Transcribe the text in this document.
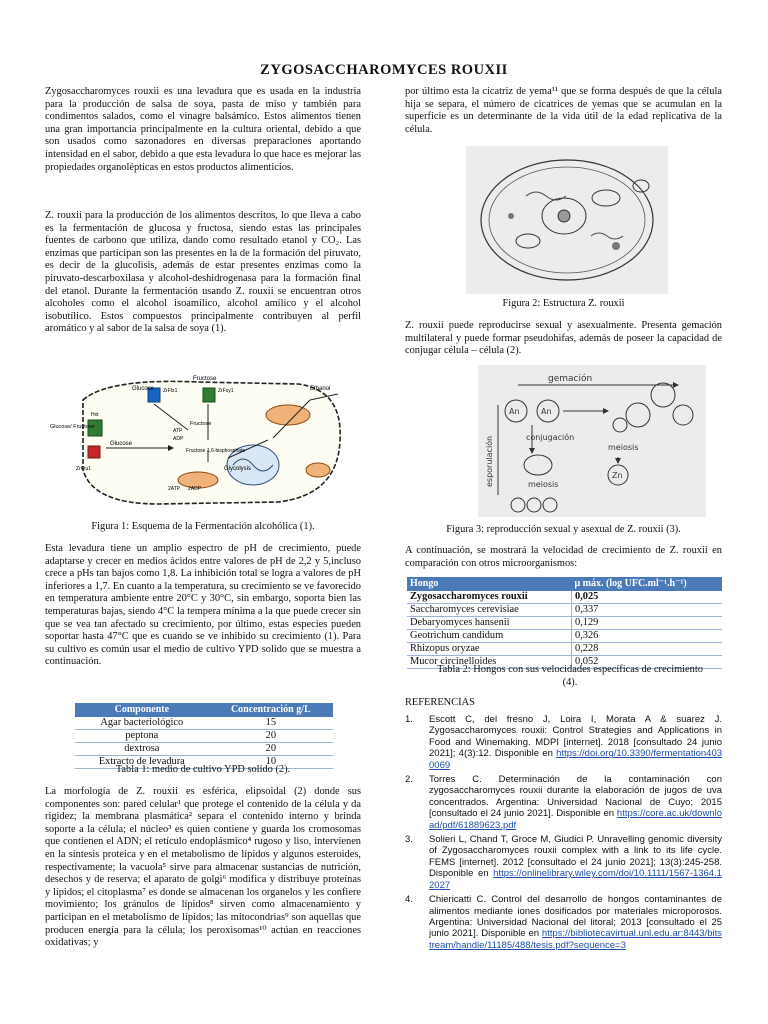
ZYGOSACCHAROMYCES ROUXII

Zygosaccharomyces rouxii es una levadura que es usada en la industria para la producción de salsa de soya, pasta de miso y también para condimentos salados, como el vinagre balsámico. Estos alimentos tienen una gran importancia principalmente en la cultura oriental, debido a que son usados como sazonadores en diversas preparaciones aportando intensidad en el sabor, debido a que esta levadura lo que hace es mejorar las propiedades organolépticas en estos productos alimenticios.

Z. rouxii para la producción de los alimentos descritos, lo que lleva a cabo es la fermentación de glucosa y fructosa, siendo estas las principales fuentes de carbono que utiliza, dando como resultado etanol y CO₂. Las enzimas que participan son las presentes en la de la formación del piruvato, es decir de la glucolisis, además de estar presentes enzimas como la piruvato-descarboxilasa y alcohol-deshidrogenasa para la formación final del etanol. Durante la fermentación usando Z. rouxii se encuentran otros alcoholes como el alcohol isoamílico, alcohol amílico y el alcohol isobutílico. Estos compuestos principalmente contribuyen al perfil aromático y al sabor de la salsa de soya (1).

Fructose
Glucose
Glucose/ Fructose
Glucose
Fructose
Fructose 1,6-bisphosphate
Glycolysis
Ethanol
ZrFsy1
ZrFfz1
Hxt
ZrFru1
ATP
ADP
2ATP 2ADP
Figura 1: Esquema de la Fermentación alcohólica (1).

Esta levadura tiene un amplio espectro de pH de crecimiento, puede adaptarse y crecer en medios ácidos entre valores de pH de 2,2 y 5,incluso crece a pHs tan bajos como 1,8. La inhibición total se logra a valores de pH inferiores a 1,7. En cuanto a la temperatura, su crecimiento se ve favorecido en temperatura ambiente entre 20°C y 30°C, sin embargo, soporta bien las temperaturas bajas, siendo 4°C la tempera mínima a la que puede crecer sin que se vea tan afectado su crecimiento, por último, estas especies pueden soportar hasta 47°C que es cuando se ve inhibido su crecimiento (1). Para su cultivo es común usar el medio de cultivo YPD solido que se muestra a continuación.

Componente	Concentración g/L
Agar bacteriológico	15
peptona	20
dextrosa	20
Extracto de levadura	10
Tabla 1: medio de cultivo YPD solido (2).

La morfología de Z. rouxii es esférica, elipsoidal (2) donde sus componentes son: pared celular¹ que protege el contenido de la célula y da rigidez; la membrana plasmática² separa el contenido interno y brinda soporte a la célula; el núcleo³ es quien contiene y guarda los cromosomas que contienen el ADN; el retículo endoplásmico⁴ rugoso y liso, intervienen en la síntesis proteica y en el metabolismo de lípidos y algunos esteroides, respectivamente; la vacuola⁵ sirve para almacenar sustancias de nutrición, desechos y de reserva; el aparato de golgi⁶ modifica y distribuye proteínas y lípidos; el citoplasma⁷ es donde se almacenan los organelos y les confiere movimiento; los gránulos de lípidos⁸ sirven como almacenamiento y participan en el metabolismo de lípidos; las mitocondrias⁹ son aquellas que producen energía para la célula; los peroxisomas¹⁰ actúan en reacciones oxidativas; y

por último esta la cicatriz de yema¹¹ que se forma después de que la célula hija se separa, el número de cicatrices de yemas que se acumulan en la superficie es un determinante de la vida útil de la edad replicativa de la célula.

Figura 2: Estructura Z. rouxii

Z. rouxii puede reproducirse sexual y asexualmente. Presenta gemación multilateral y puede formar pseudohifas, además de poseer la capacidad de conjugar célula – célula (2).

gemación
conjugación
meiosis
meiosis
esporulación
An	An
Zn
Figura 3: reproducción sexual y asexual de Z. rouxii (3).

A continuación, se mostrará la velocidad de crecimiento de Z. rouxii en comparación con otros microorganismos:

Hongo	μ máx. (log UFC.ml⁻¹.h⁻¹)
Zygosaccharomyces rouxii	0,025
Saccharomyces cerevisiae	0,337
Debaryomyces hansenii	0,129
Geotrichum candidum	0,326
Rhizopus oryzae	0,228
Mucor circinelloides	0,052
Tabla 2: Hongos con sus velocidades específicas de crecimiento (4).
REFERENCIAS
1. Escott C, del fresno J, Loira I, Morata A & suarez J. Zygosaccharomyces rouxii: Control Strategies and Applications in Food and Winemaking. MDPI [internet]. 2018 [consultado 24 junio 2021]; 4(3):12. Disponible en https://doi.org/10.3390/fermentation4030069
2. Torres C. Determinación de la contaminación con zygosaccharomyces rouxii durante la elaboración de jugos de uva concentrados. Argentina: Universidad Nacional de Cuyo; 2015 [consultado el 24 junio 2021]. Disponible en https://core.ac.uk/download/pdf/61889623.pdf
3. Solieri L, Chand T, Groce M, Giudici P. Unravelling genomic diversity of Zygosaccharomyces rouxii complex with a link to its life cycle. FEMS [internet]. 2012 [consultado el 24 junio 2021]; 13(3):245-258. Disponible en https://onlinelibrary.wiley.com/doi/10.1111/1567-1364.12027
4. Chiericatti C. Control del desarrollo de hongos contaminantes de alimentos mediante iones dosificados por materiales microporosos. Argentina: Universidad Nacional del litoral; 2013 [consultado el 25 junio 2021]. Disponible en https://bibliotecavirtual.unl.edu.ar:8443/bitstream/handle/11185/488/tesis.pdf?sequence=3
